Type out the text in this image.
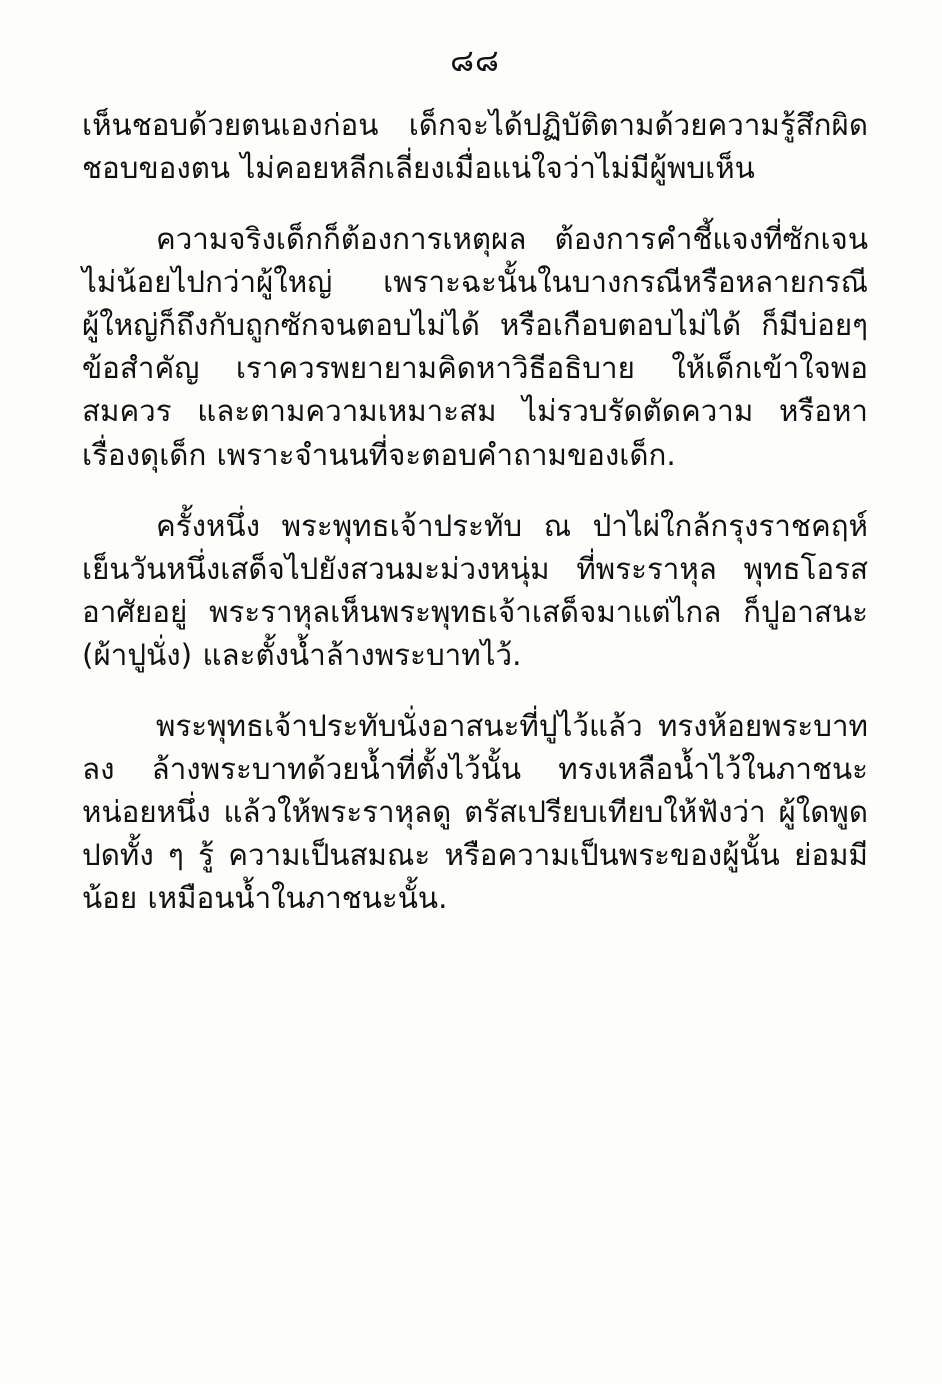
๘๘

เห็นชอบด้วยตนเองก่อน เด็กจะได้ปฏิบัติตามด้วยความรู้สึกผิดชอบของตน ไม่คอยหลีกเลี่ยงเมื่อแน่ใจว่าไม่มีผู้พบเห็น

ความจริงเด็กก็ต้องการเหตุผล ต้องการคำชี้แจงที่ซักเจนไม่น้อยไปกว่าผู้ใหญ่ เพราะฉะนั้นในบางกรณีหรือหลายกรณีผู้ใหญ่ก็ถึงกับถูกซักจนตอบไม่ได้ หรือเกือบตอบไม่ได้ ก็มีบ่อยๆ ข้อสำคัญ เราควรพยายามคิดหาวิธีอธิบาย ให้เด็กเข้าใจพอสมควร และตามความเหมาะสม ไม่รวบรัดตัดความ หรือหาเรื่องดุเด็ก เพราะจำนนที่จะตอบคำถามของเด็ก.

ครั้งหนึ่ง พระพุทธเจ้าประทับ ณ ป่าไผ่ใกล้กรุงราชคฤห์ เย็นวันหนึ่งเสด็จไปยังสวนมะม่วงหนุ่ม ที่พระราหุล พุทธโอรสอาศัยอยู่ พระราหุลเห็นพระพุทธเจ้าเสด็จมาแต่ไกล ก็ปูอาสนะ (ผ้าปูนั่ง) และตั้งน้ำล้างพระบาทไว้.

พระพุทธเจ้าประทับนั่งอาสนะที่ปูไว้แล้ว ทรงห้อยพระบาทลง ล้างพระบาทด้วยน้ำที่ตั้งไว้นั้น ทรงเหลือน้ำไว้ในภาชนะหน่อยหนึ่ง แล้วให้พระราหุลดู ตรัสเปรียบเทียบให้ฟังว่า ผู้ใดพูดปดทั้ง ๆ รู้ ความเป็นสมณะ หรือความเป็นพระของผู้นั้น ย่อมมีน้อย เหมือนน้ำในภาชนะนั้น.
